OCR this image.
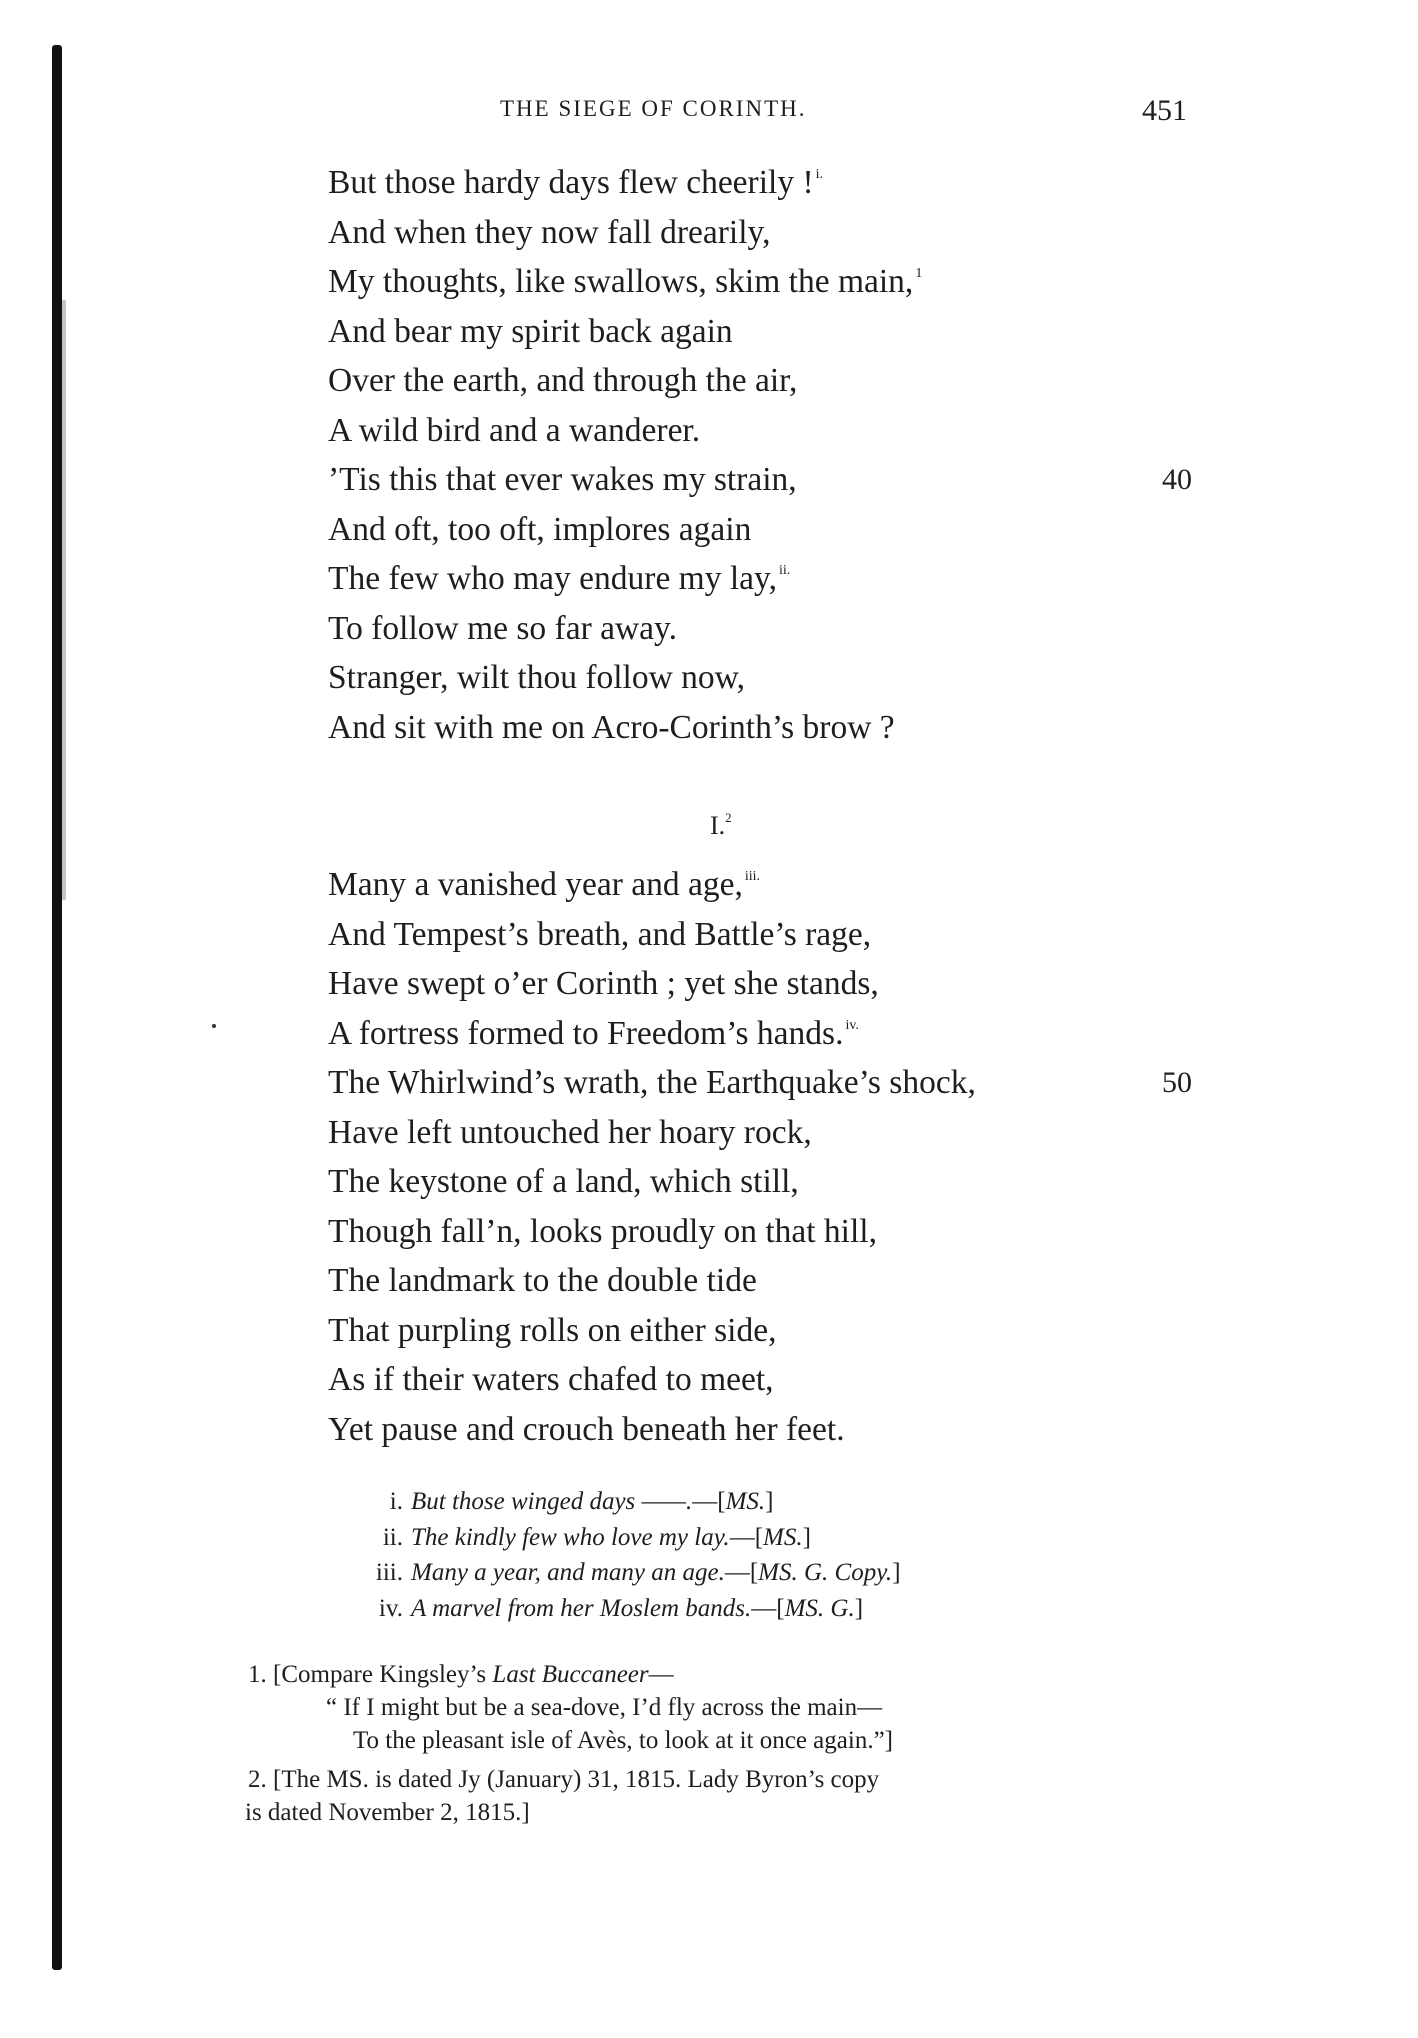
THE SIEGE OF CORINTH.	451
But those hardy days flew cheerily ! $^{i.}$
And when they now fall drearily,
My thoughts, like swallows, skim the main, $^1$
And bear my spirit back again
Over the earth, and through the air,
A wild bird and a wanderer.
’Tis this that ever wakes my strain,	40
And oft, too oft, implores again
The few who may endure my lay, $^{ii.}$
To follow me so far away.
Stranger, wilt thou follow now,
And sit with me on Acro-Corinth’s brow ?
I.$^2$
Many a vanished year and age, $^{iii.}$
And Tempest’s breath, and Battle’s rage,
Have swept o’er Corinth ; yet she stands,
A fortress formed to Freedom’s hands. $^{iv.}$
The Whirlwind’s wrath, the Earthquake’s shock,	50
Have left untouched her hoary rock,
The keystone of a land, which still,
Though fall’n, looks proudly on that hill,
The landmark to the double tide
That purpling rolls on either side,
As if their waters chafed to meet,
Yet pause and crouch beneath her feet.
i. But those winged days ——.—[MS.]
ii. The kindly few who love my lay.—[MS.]
iii. Many a year, and many an age.—[MS. G. Copy.]
iv. A marvel from her Moslem bands.—[MS. G.]
1. [Compare Kingsley’s Last Buccaneer—
“ If I might but be a sea-dove, I’d fly across the main—
To the pleasant isle of Avès, to look at it once again.”]
2. [The MS. is dated Jy (January) 31, 1815. Lady Byron’s copy
is dated November 2, 1815.]
